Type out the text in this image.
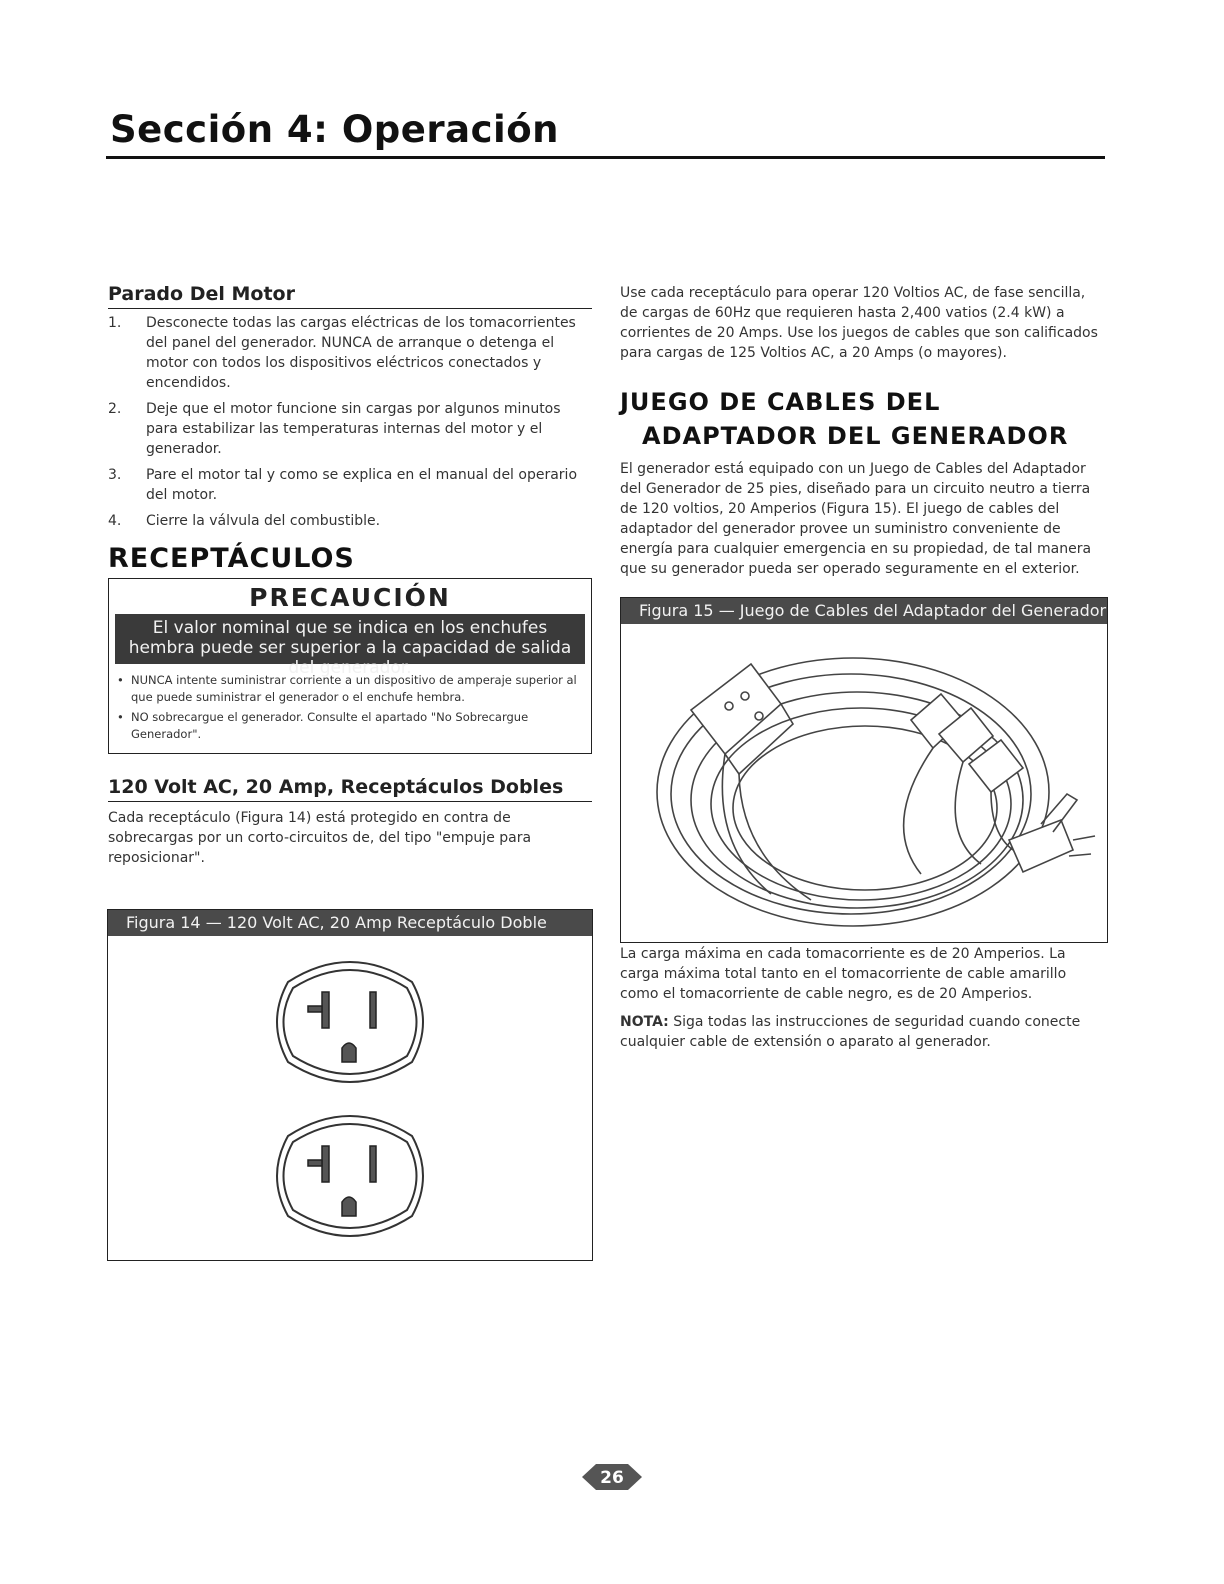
Sección 4: Operación
Parado Del Motor
1. Desconecte todas las cargas eléctricas de los tomacorrientes del panel del generador. NUNCA de arranque o detenga el motor con todos los dispositivos eléctricos conectados y encendidos.
2. Deje que el motor funcione sin cargas por algunos minutos para estabilizar las temperaturas internas del motor y el generador.
3. Pare el motor tal y como se explica en el manual del operario del motor.
4. Cierre la válvula del combustible.
RECEPTÁCULOS
PRECAUCIÓN
El valor nominal que se indica en los enchufes hembra puede ser superior a la capacidad de salida del generador.
• NUNCA intente suministrar corriente a un dispositivo de amperaje superior al que puede suministrar el generador o el enchufe hembra.
• NO sobrecargue el generador. Consulte el apartado "No Sobrecargue Generador".
120 Volt AC, 20 Amp, Receptáculos Dobles

Cada receptáculo (Figura 14) está protegido en contra de sobrecargas por un corto-circuitos de, del tipo "empuje para reposicionar".

Figura 14 — 120 Volt AC, 20 Amp Receptáculo Doble

Use cada receptáculo para operar 120 Voltios AC, de fase sencilla, de cargas de 60Hz que requieren hasta 2,400 vatios (2.4 kW) a corrientes de 20 Amps. Use los juegos de cables que son calificados para cargas de 125 Voltios AC, a 20 Amps (o mayores).

JUEGO DE CABLES DEL
ADAPTADOR DEL GENERADOR

El generador está equipado con un Juego de Cables del Adaptador del Generador de 25 pies, diseñado para un circuito neutro a tierra de 120 voltios, 20 Amperios (Figura 15). El juego de cables del adaptador del generador provee un suministro conveniente de energía para cualquier emergencia en su propiedad, de tal manera que su generador pueda ser operado seguramente en el exterior.

Figura 15 — Juego de Cables del Adaptador del Generador

La carga máxima en cada tomacorriente es de 20 Amperios. La carga máxima total tanto en el tomacorriente de cable amarillo como el tomacorriente de cable negro, es de 20 Amperios.

NOTA: Siga todas las instrucciones de seguridad cuando conecte cualquier cable de extensión o aparato al generador.

26
